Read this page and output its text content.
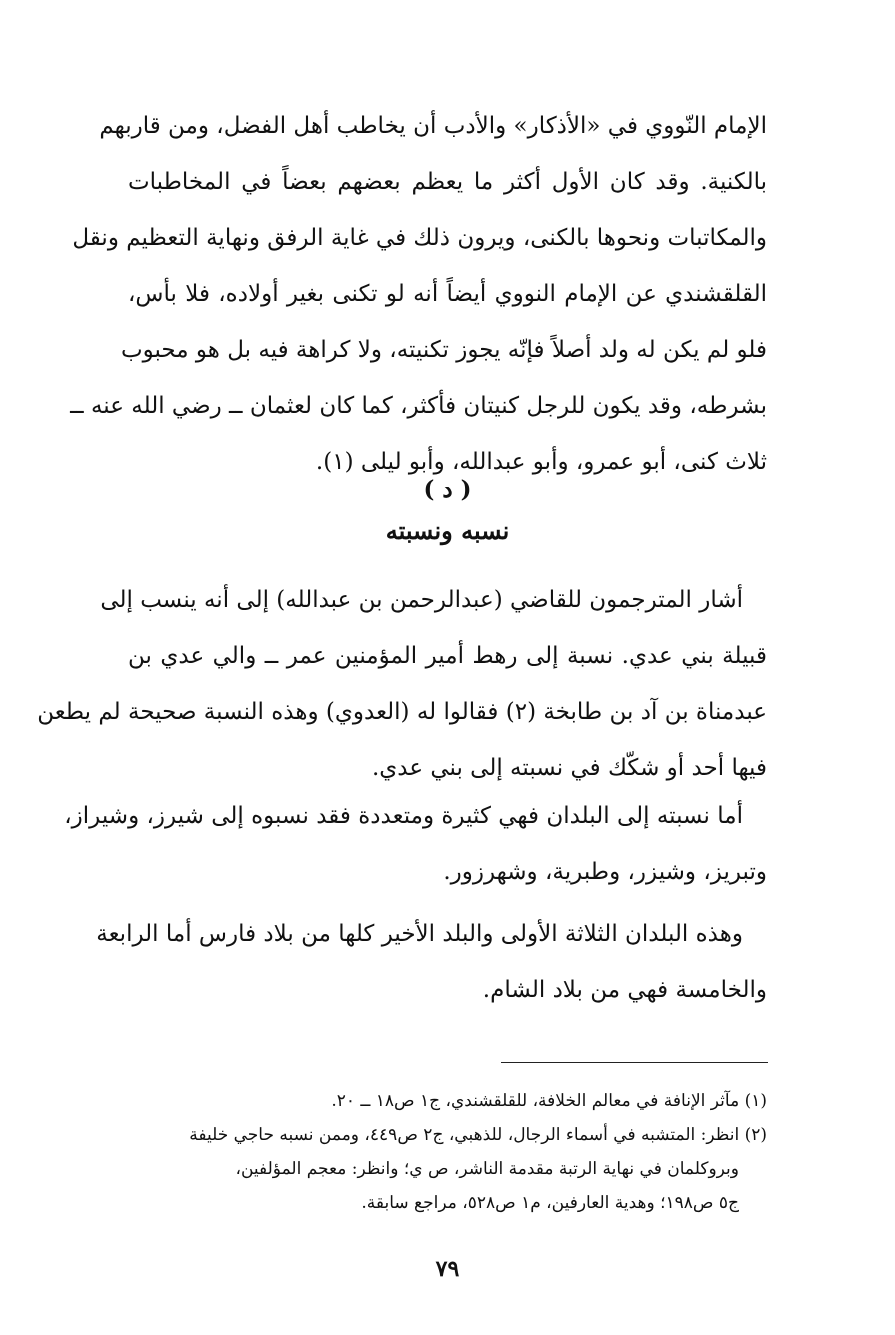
الإمام النّووي في «الأذكار» والأدب أن يخاطب أهل الفضل، ومن قاربهم
بالكنية. وقد كان الأول أكثر ما يعظم بعضهم بعضاً في المخاطبات
والمكاتبات ونحوها بالكنى، ويرون ذلك في غاية الرفق ونهاية التعظيم ونقل
القلقشندي عن الإمام النووي أيضاً أنه لو تكنى بغير أولاده، فلا بأس،
فلو لم يكن له ولد أصلاً فإنّه يجوز تكنيته، ولا كراهة فيه بل هو محبوب
بشرطه، وقد يكون للرجل كنيتان فأكثر، كما كان لعثمان ــ رضي الله عنه ــ
ثلاث كنى، أبو عمرو، وأبو عبدالله، وأبو ليلى (١).
( د )
نسبه ونسبته
أشار المترجمون للقاضي (عبدالرحمن بن عبدالله) إلى أنه ينسب إلى
قبيلة بني عدي. نسبة إلى رهط أمير المؤمنين عمر ــ والي عدي بن
عبدمناة بن آد بن طابخة (٢) فقالوا له (العدوي) وهذه النسبة صحيحة لم يطعن
فيها أحد أو شكّك في نسبته إلى بني عدي.
أما نسبته إلى البلدان فهي كثيرة ومتعددة فقد نسبوه إلى شيرز، وشيراز،
وتبريز، وشيزر، وطبرية، وشهرزور.
وهذه البلدان الثلاثة الأولى والبلد الأخير كلها من بلاد فارس أما الرابعة
والخامسة فهي من بلاد الشام.
(١) مآثر الإنافة في معالم الخلافة، للقلقشندي، ج١ ص١٨ ــ ٢٠.
(٢) انظر: المتشبه في أسماء الرجال، للذهبي، ج٢ ص٤٤٩، وممن نسبه حاجي خليفة
وبروكلمان في نهاية الرتبة مقدمة الناشر، ص ي؛ وانظر: معجم المؤلفين،
ج٥ ص١٩٨؛ وهدية العارفين، م١ ص٥٢٨، مراجع سابقة.
٧٩
